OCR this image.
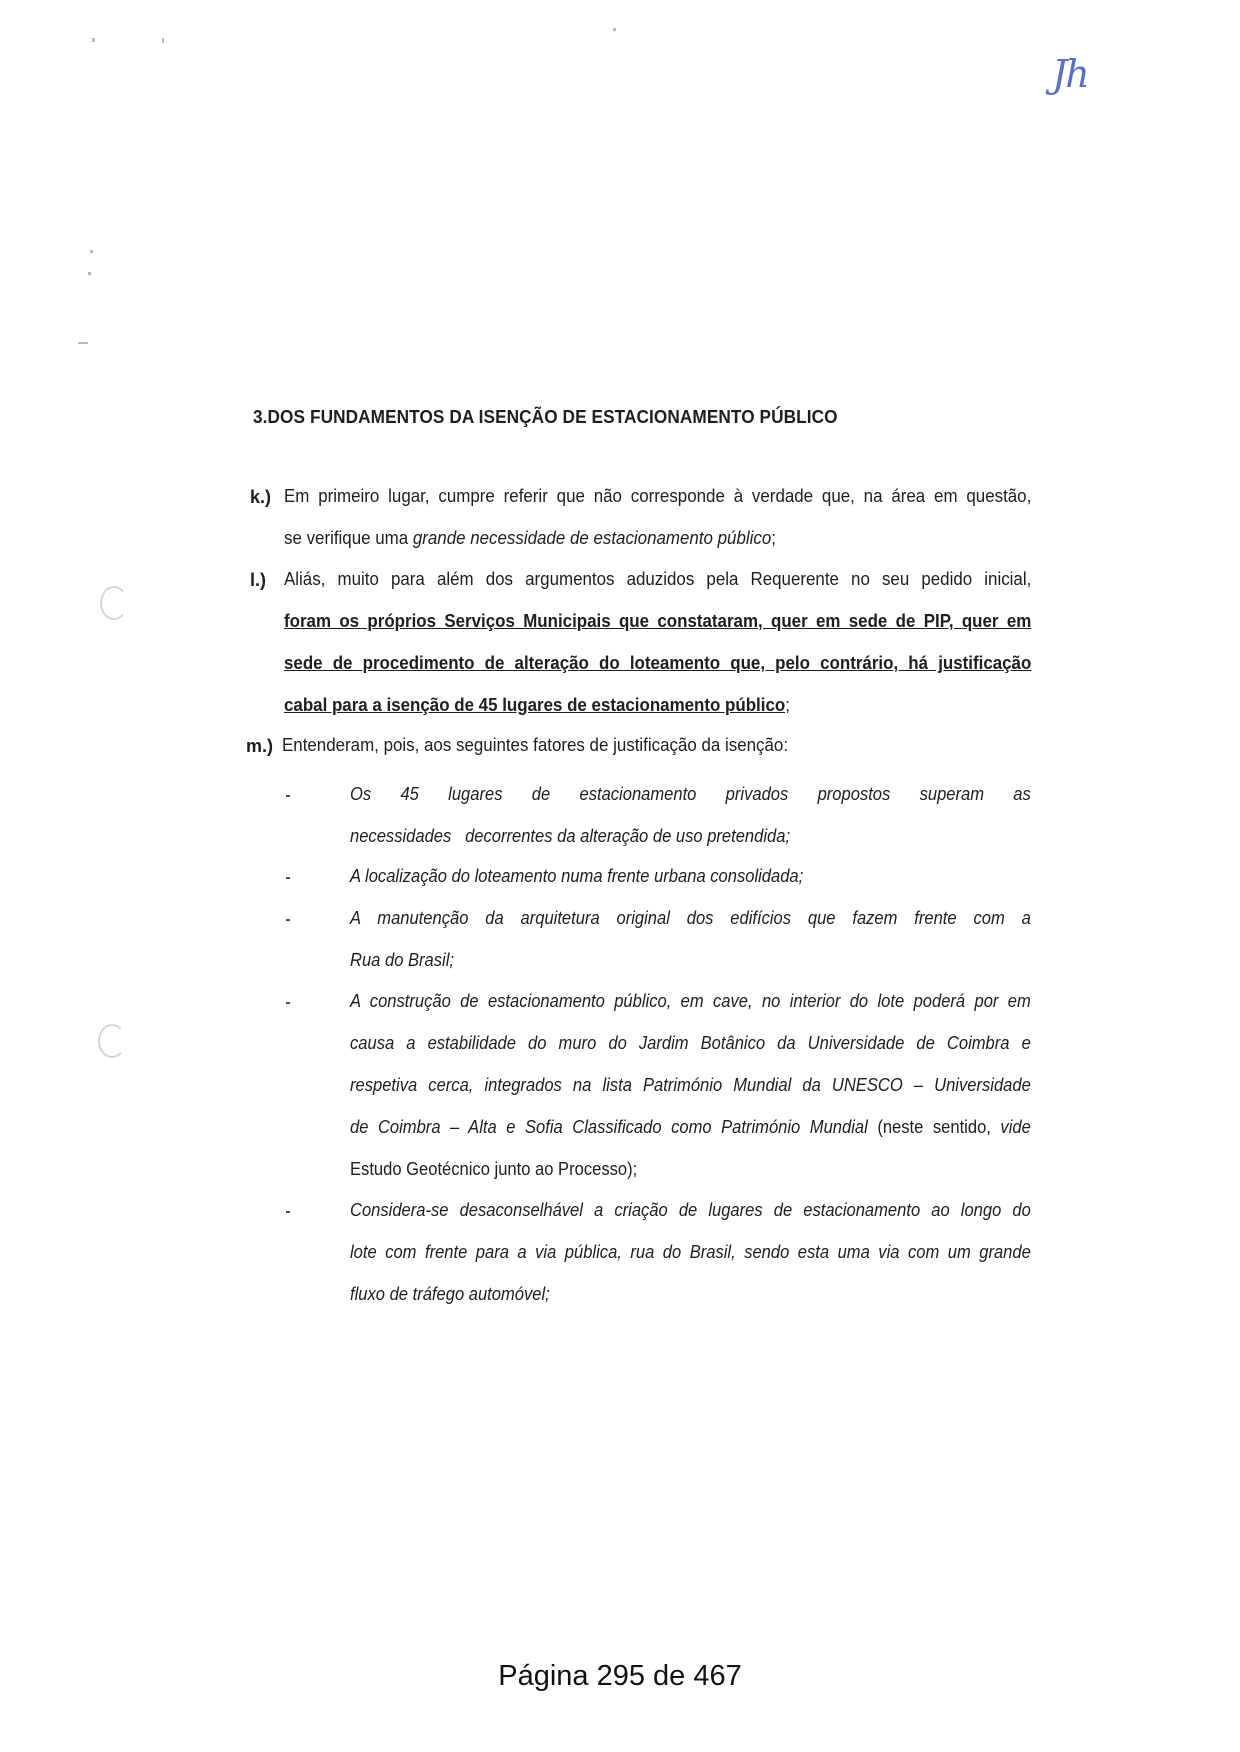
Jh
3.DOS FUNDAMENTOS DA ISENÇÃO DE ESTACIONAMENTO PÚBLICO
k.) Em primeiro lugar, cumpre referir que não corresponde à verdade que, na área em questão,
se verifique uma grande necessidade de estacionamento público;
l.) Aliás, muito para além dos argumentos aduzidos pela Requerente no seu pedido inicial,
foram os próprios Serviços Municipais que constataram, quer em sede de PIP, quer em
sede de procedimento de alteração do loteamento que, pelo contrário, há justificação
cabal para a isenção de 45 lugares de estacionamento público;
m.) Entenderam, pois, aos seguintes fatores de justificação da isenção:
-	Os 45 lugares de estacionamento privados propostos superam as
necessidades   decorrentes da alteração de uso pretendida;
-	A localização do loteamento numa frente urbana consolidada;
-	A manutenção da arquitetura original dos edifícios que fazem frente com a
Rua do Brasil;
-	A construção de estacionamento público, em cave, no interior do lote poderá por em
causa a estabilidade do muro do Jardim Botânico da Universidade de Coimbra e
respetiva cerca, integrados na lista Património Mundial da UNESCO – Universidade
de Coimbra – Alta e Sofia Classificado como Património Mundial (neste sentido, vide
Estudo Geotécnico junto ao Processo);
-	Considera-se desaconselhável a criação de lugares de estacionamento ao longo do
lote com frente para a via pública, rua do Brasil, sendo esta uma via com um grande
fluxo de tráfego automóvel;
Página 295 de 467
